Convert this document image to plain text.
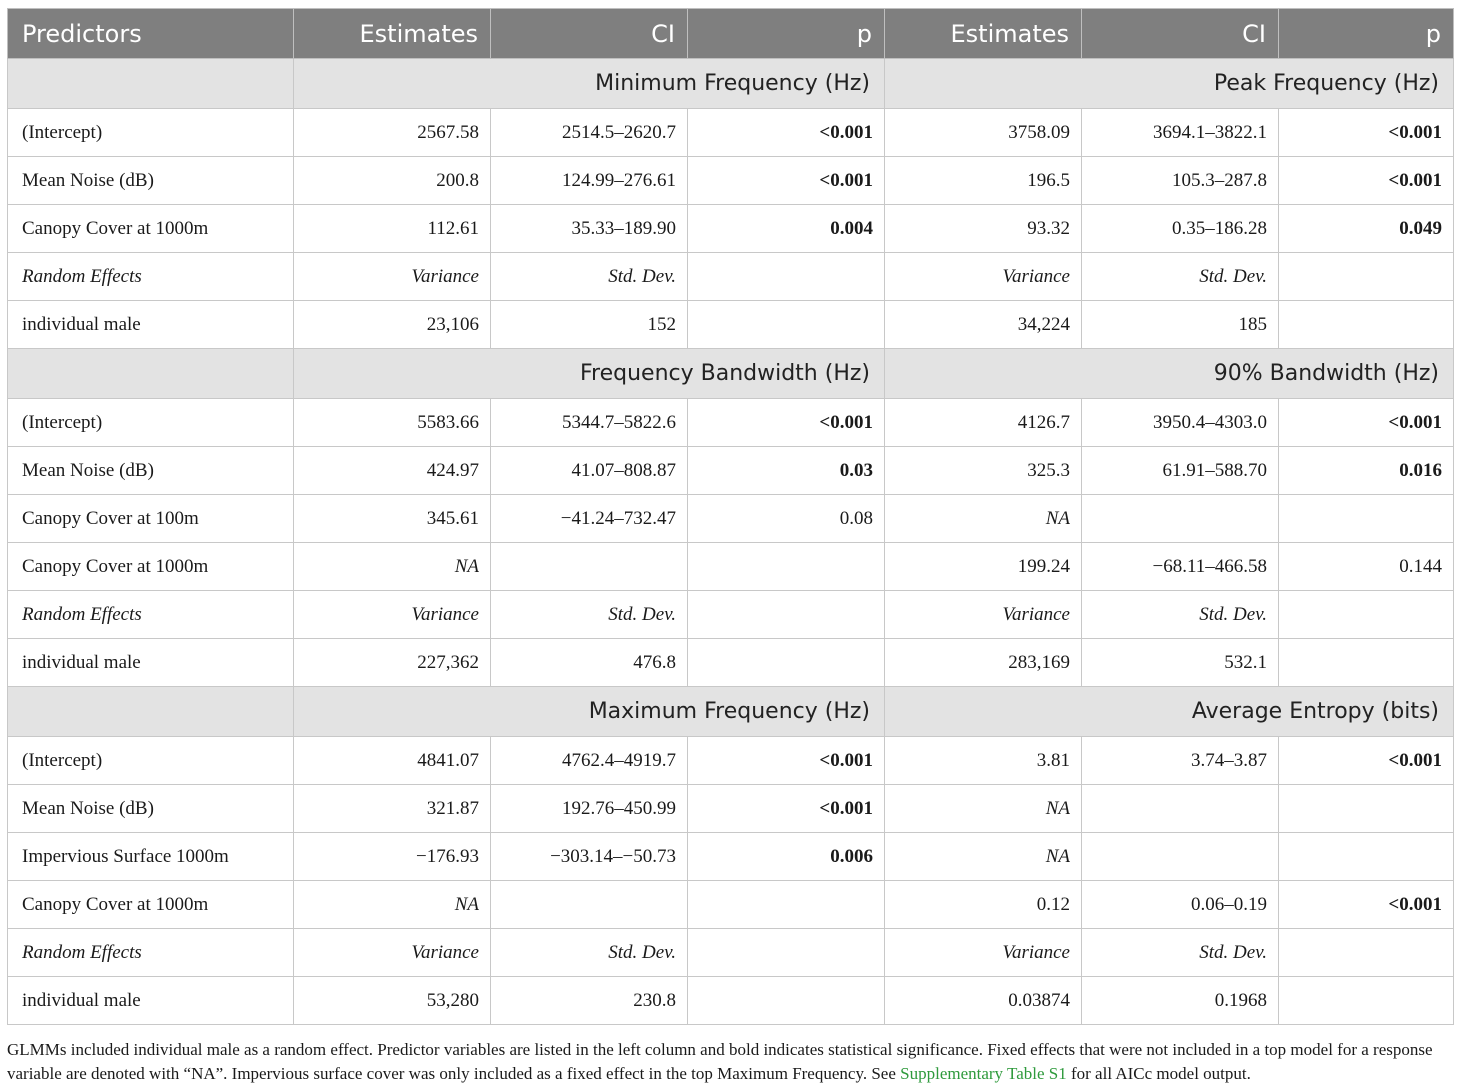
Predictors	Estimates	CI	p	Estimates	CI	p
	Minimum Frequency (Hz)			Peak Frequency (Hz)		
(Intercept)	2567.58	2514.5–2620.7	<0.001	3758.09	3694.1–3822.1	<0.001
Mean Noise (dB)	200.8	124.99–276.61	<0.001	196.5	105.3–287.8	<0.001
Canopy Cover at 1000m	112.61	35.33–189.90	0.004	93.32	0.35–186.28	0.049
Random Effects	Variance	Std. Dev.		Variance	Std. Dev.	
individual male	23,106	152		34,224	185	
	Frequency Bandwidth (Hz)			90% Bandwidth (Hz)		
(Intercept)	5583.66	5344.7–5822.6	<0.001	4126.7	3950.4–4303.0	<0.001
Mean Noise (dB)	424.97	41.07–808.87	0.03	325.3	61.91–588.70	0.016
Canopy Cover at 100m	345.61	−41.24–732.47	0.08	NA		
Canopy Cover at 1000m	NA			199.24	−68.11–466.58	0.144
Random Effects	Variance	Std. Dev.		Variance	Std. Dev.	
individual male	227,362	476.8		283,169	532.1	
	Maximum Frequency (Hz)			Average Entropy (bits)		
(Intercept)	4841.07	4762.4–4919.7	<0.001	3.81	3.74–3.87	<0.001
Mean Noise (dB)	321.87	192.76–450.99	<0.001	NA		
Impervious Surface 1000m	−176.93	−303.14–−50.73	0.006	NA		
Canopy Cover at 1000m	NA			0.12	0.06–0.19	<0.001
Random Effects	Variance	Std. Dev.		Variance	Std. Dev.	
individual male	53,280	230.8		0.03874	0.1968	
GLMMs included individual male as a random effect. Predictor variables are listed in the left column and bold indicates statistical significance. Fixed effects that were not included in a top model for a response variable are denoted with “NA”. Impervious surface cover was only included as a fixed effect in the top Maximum Frequency. See Supplementary Table S1 for all AICc model output.
